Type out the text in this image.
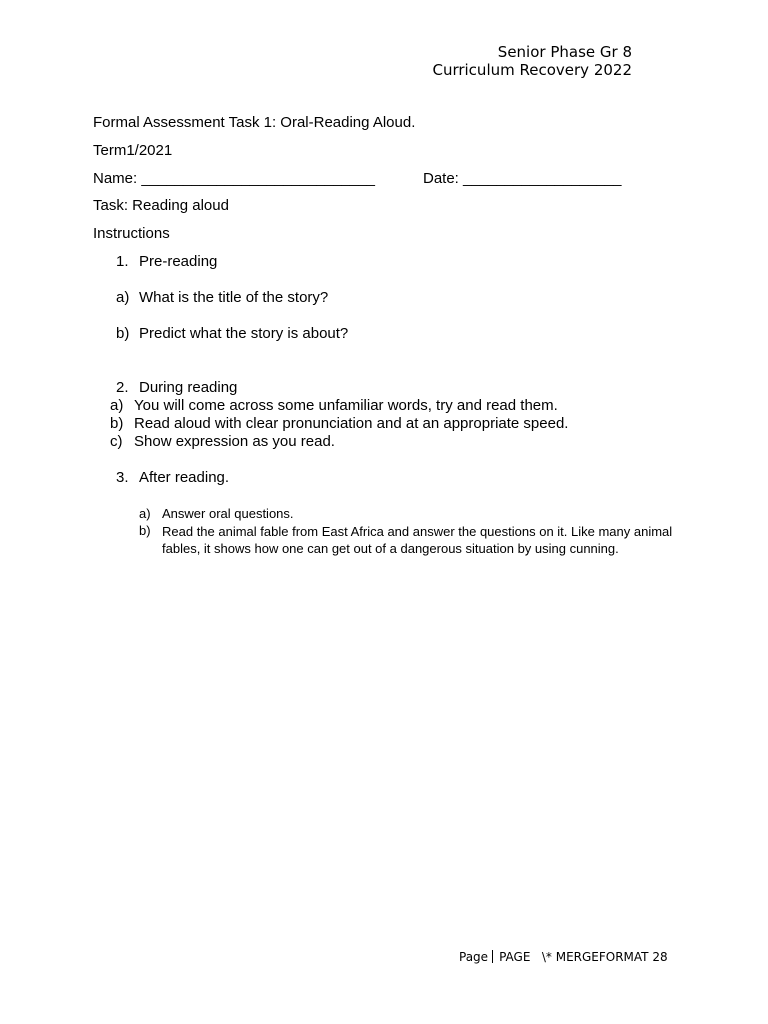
Senior Phase Gr 8
Curriculum Recovery 2022
Formal Assessment Task 1: Oral-Reading Aloud.
Term1/2021
Name: ____________________________	Date: ___________________
Task: Reading aloud
Instructions
1. Pre-reading
a) What is the title of the story?
b) Predict what the story is about?
2. During reading
a) You will come across some unfamiliar words, try and read them.
b) Read aloud with clear pronunciation and at an appropriate speed.
c) Show expression as you read.
3. After reading.
a) Answer oral questions.
b) Read the animal fable from East Africa and answer the questions on it. Like many animal fables, it shows how one can get out of a dangerous situation by using cunning.
Page PAGE   \* MERGEFORMAT 28
